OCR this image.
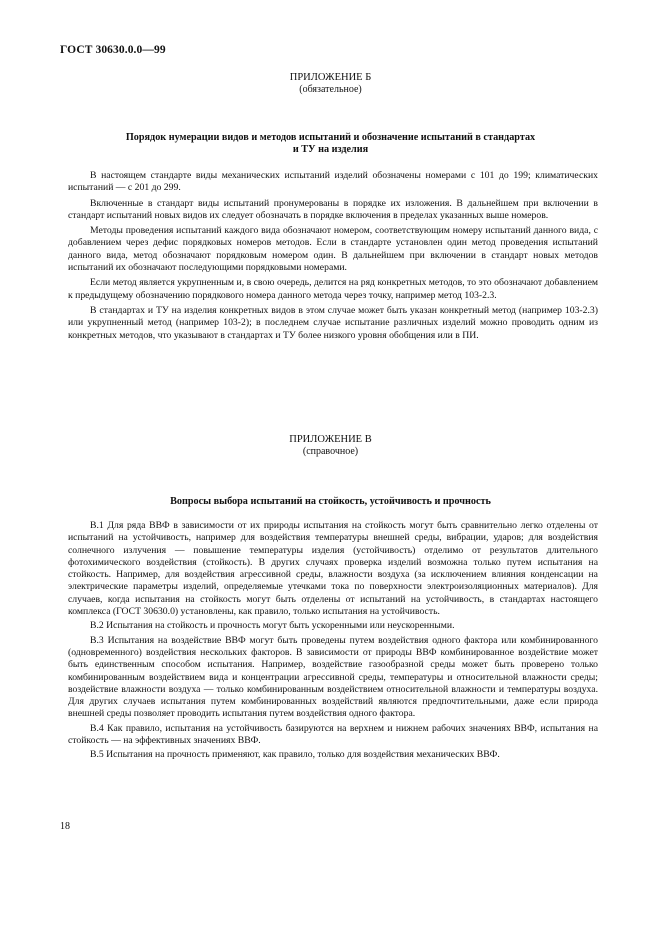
ГОСТ 30630.0.0—99
ПРИЛОЖЕНИЕ Б
(обязательное)
Порядок нумерации видов и методов испытаний и обозначение испытаний в стандартах
и ТУ на изделия

В настоящем стандарте виды механических испытаний изделий обозначены номерами с 101 до 199; климатических испытаний — с 201 до 299.

Включенные в стандарт виды испытаний пронумерованы в порядке их изложения. В дальнейшем при включении в стандарт испытаний новых видов их следует обозначать в порядке включения в пределах указанных выше номеров.

Методы проведения испытаний каждого вида обозначают номером, соответствующим номеру испытаний данного вида, с добавлением через дефис порядковых номеров методов. Если в стандарте установлен один метод проведения испытаний данного вида, метод обозначают порядковым номером один. В дальнейшем при включении в стандарт новых методов испытаний их обозначают последующими порядковыми номерами.

Если метод является укрупненным и, в свою очередь, делится на ряд конкретных методов, то это обозначают добавлением к предыдущему обозначению порядкового номера данного метода через точку, например метод 103-2.3.

В стандартах и ТУ на изделия конкретных видов в этом случае может быть указан конкретный метод (например 103-2.3) или укрупненный метод (например 103-2); в последнем случае испытание различных изделий можно проводить одним из конкретных методов, что указывают в стандартах и ТУ более низкого уровня обобщения или в ПИ.

ПРИЛОЖЕНИЕ В
(справочное)
Вопросы выбора испытаний на стойкость, устойчивость и прочность

В.1 Для ряда ВВФ в зависимости от их природы испытания на стойкость могут быть сравнительно легко отделены от испытаний на устойчивость, например для воздействия температуры внешней среды, вибрации, ударов; для воздействия солнечного излучения — повышение температуры изделия (устойчивость) отделимо от результатов длительного фотохимического воздействия (стойкость). В других случаях проверка изделий возможна только путем испытания на стойкость. Например, для воздействия агрессивной среды, влажности воздуха (за исключением влияния конденсации на электрические параметры изделий, определяемые утечками тока по поверхности электроизоляционных материалов). Для случаев, когда испытания на стойкость могут быть отделены от испытаний на устойчивость, в стандартах настоящего комплекса (ГОСТ 30630.0) установлены, как правило, только испытания на устойчивость.

В.2 Испытания на стойкость и прочность могут быть ускоренными или неускоренными.

В.3 Испытания на воздействие ВВФ могут быть проведены путем воздействия одного фактора или комбинированного (одновременного) воздействия нескольких факторов. В зависимости от природы ВВФ комбинированное воздействие может быть единственным способом испытания. Например, воздействие газообразной среды может быть проверено только комбинированным воздействием вида и концентрации агрессивной среды, температуры и относительной влажности среды; воздействие влажности воздуха — только комбинированным воздействием относительной влажности и температуры воздуха. Для других случаев испытания путем комбинированных воздействий являются предпочтительными, даже если природа внешней среды позволяет проводить испытания путем воздействия одного фактора.

В.4 Как правило, испытания на устойчивость базируются на верхнем и нижнем рабочих значениях ВВФ, испытания на стойкость — на эффективных значениях ВВФ.

В.5 Испытания на прочность применяют, как правило, только для воздействия механических ВВФ.

18
